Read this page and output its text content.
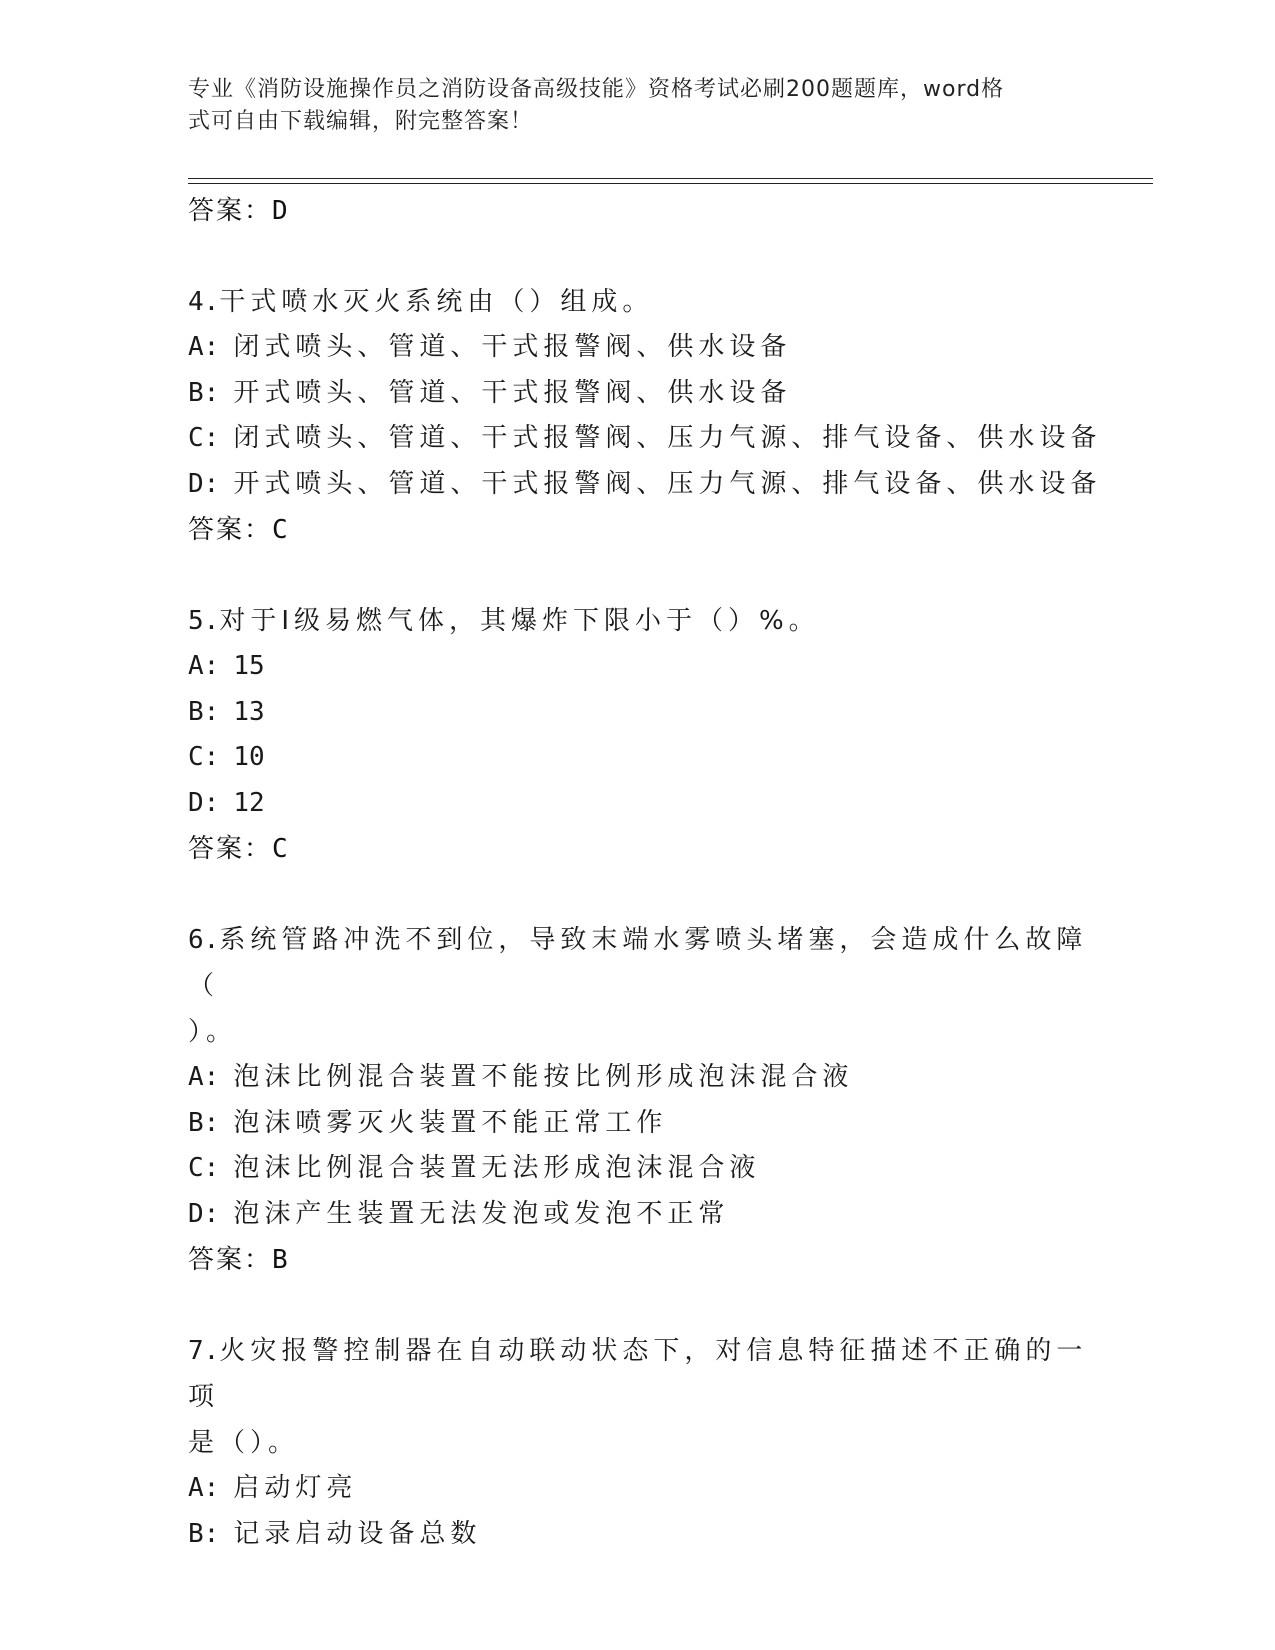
专业《消防设施操作员之消防设备高级技能》资格考试必刷200题题库，word格
式可自由下载编辑，附完整答案！
答案：D
4.干式喷水灭火系统由（）组成。
A: 闭式喷头、管道、干式报警阀、供水设备
B: 开式喷头、管道、干式报警阀、供水设备
C: 闭式喷头、管道、干式报警阀、压力气源、排气设备、供水设备
D: 开式喷头、管道、干式报警阀、压力气源、排气设备、供水设备
答案：C
5.对于Ⅰ级易燃气体，其爆炸下限小于（）%。
A: 15
B: 13
C: 10
D: 12
答案：C
6.系统管路冲洗不到位，导致末端水雾喷头堵塞，会造成什么故障（
）。
A: 泡沫比例混合装置不能按比例形成泡沫混合液
B: 泡沫喷雾灭火装置不能正常工作
C: 泡沫比例混合装置无法形成泡沫混合液
D: 泡沫产生装置无法发泡或发泡不正常
答案：B
7.火灾报警控制器在自动联动状态下，对信息特征描述不正确的一项
是（）。
A: 启动灯亮
B: 记录启动设备总数
